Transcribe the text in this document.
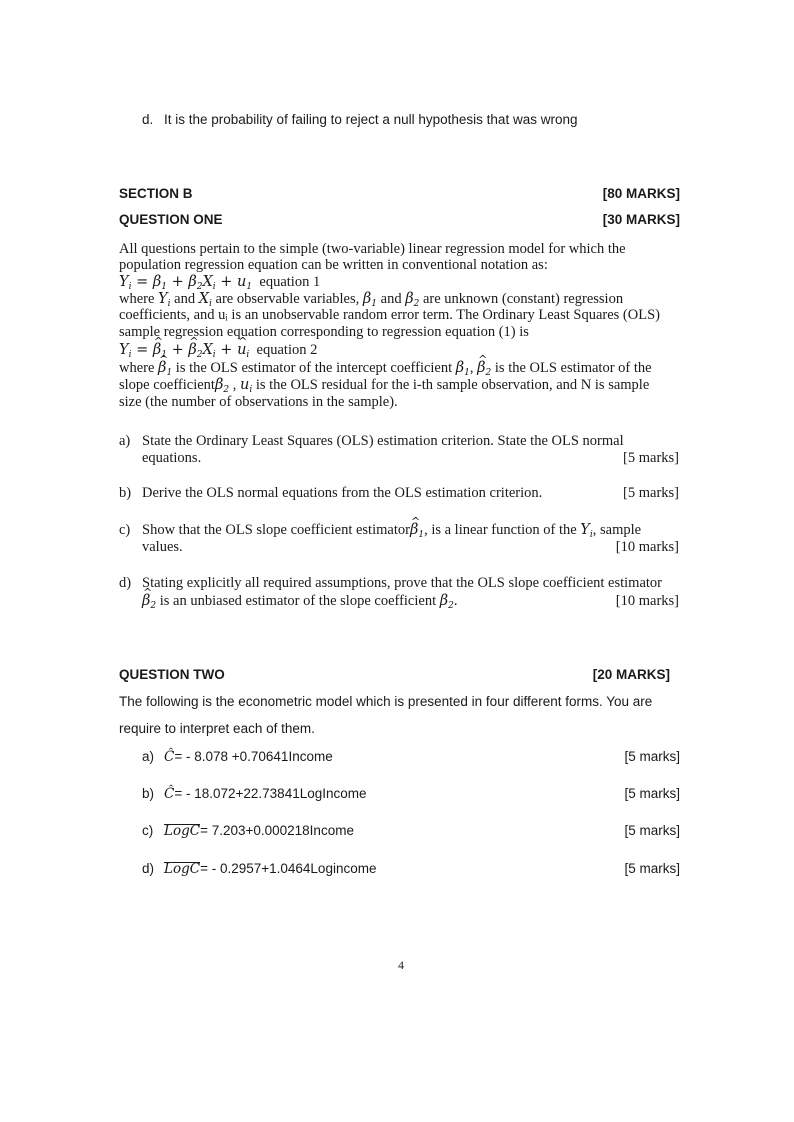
d. It is the probability of failing to reject a null hypothesis that was wrong
SECTION B	[80 MARKS]
QUESTION ONE	[30 MARKS]
All questions pertain to the simple (two-variable) linear regression model for which the
population regression equation can be written in conventional notation as:
$Y_i = \beta_1 + \beta_2X_i + u_1$ equation 1
where $Y_i$ and $X_i$ are observable variables, $\beta_1$ and $\beta_2$ are unknown (constant) regression
coefficients, and uᵢ is an unobservable random error term. The Ordinary Least Squares (OLS)
sample regression equation corresponding to regression equation (1) is
$Y_i$ = ^ $\beta_1$ + ^ $\beta_2X_i$ + ^ $u_i$ equation 2
where ^ $\beta_1$ is the OLS estimator of the intercept coefficient $\beta_1$, ^ $\beta_2$ is the OLS estimator of the
slope coefficientβ$_2$ , $u_i$ is the OLS residual for the i-th sample observation, and N is sample
size (the number of observations in the sample).
a) State the Ordinary Least Squares (OLS) estimation criterion. State the OLS normal
equations.	[5 marks]
b) Derive the OLS normal equations from the OLS estimation criterion.	[5 marks]
c) Show that the OLS slope coefficient estimator^ $\beta_1$, is a linear function of the $Y_i$, sample
values.	[10 marks]
d) Stating explicitly all required assumptions, prove that the OLS slope coefficient estimator
^ $\beta_2$ is an unbiased estimator of the slope coefficient $\beta_2$.	[10 marks]
QUESTION TWO	[20 MARKS]
The following is the econometric model which is presented in four different forms. You are
require to interpret each of them.
a) Ĉ= - 8.078 +0.70641Income	[5 marks]
b) Ĉ= - 18.072+22.73841LogIncome	[5 marks]
c) LogC= 7.203+0.000218Income	[5 marks]
d) LogC= - 0.2957+1.0464Logincome	[5 marks]
4
